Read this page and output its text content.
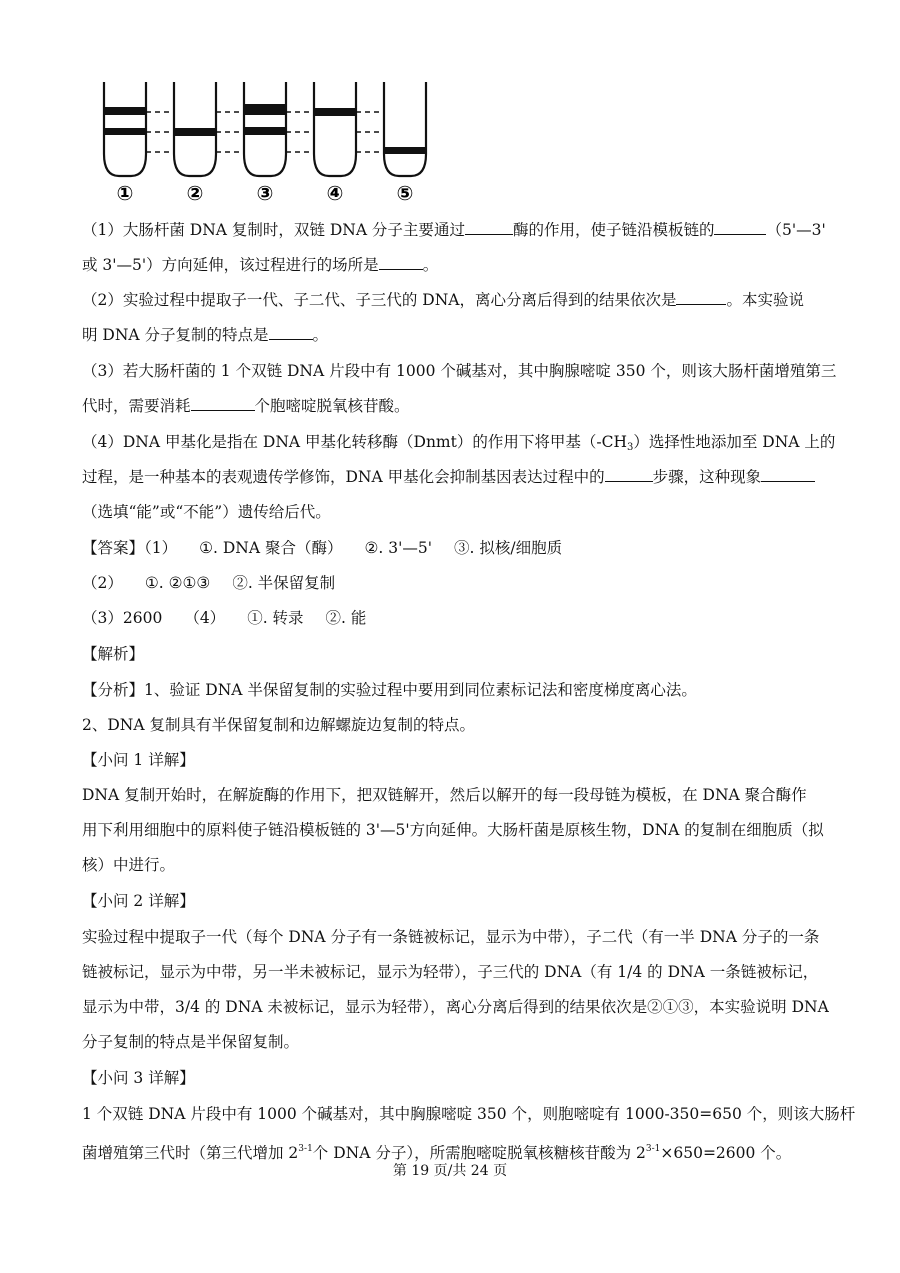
①	②	③	④	⑤
（1）大肠杆菌 DNA 复制时，双链 DNA 分子主要通过	酶的作用，使子链沿模板链的	（5'—3'
或 3'—5'）方向延伸，该过程进行的场所是	。
（2）实验过程中提取子一代、子二代、子三代的 DNA，离心分离后得到的结果依次是	。本实验说
明 DNA 分子复制的特点是	。
（3）若大肠杆菌的 1 个双链 DNA 片段中有 1000 个碱基对，其中胸腺嘧啶 350 个，则该大肠杆菌增殖第三
代时，需要消耗	个胞嘧啶脱氧核苷酸。
（4）DNA 甲基化是指在 DNA 甲基化转移酶（Dnmt）的作用下将甲基$(-CH_3)$选择性地添加至 DNA 上的
过程，是一种基本的表观遗传学修饰，DNA 甲基化会抑制基因表达过程中的	步骤，这种现象
（选填“能”或“不能”）遗传给后代。
【答案】（1） ①. DNA 聚合（酶） ②. 3'—5' ③. 拟核/细胞质
（2） ①. ②①③ ②. 半保留复制
（3）2600 （4） ①. 转录 ②. 能
【解析】
【分析】1、验证 DNA 半保留复制的实验过程中要用到同位素标记法和密度梯度离心法。
2、DNA 复制具有半保留复制和边解螺旋边复制的特点。
【小问 1 详解】
DNA 复制开始时，在解旋酶的作用下，把双链解开，然后以解开的每一段母链为模板，在 DNA 聚合酶作
用下利用细胞中的原料使子链沿模板链的 3'—5'方向延伸。大肠杆菌是原核生物，DNA 的复制在细胞质（拟
核）中进行。
【小问 2 详解】
实验过程中提取子一代（每个 DNA 分子有一条链被标记，显示为中带），子二代（有一半 DNA 分子的一条
链被标记，显示为中带，另一半未被标记，显示为轻带），子三代的 DNA（有 1/4 的 DNA 一条链被标记，
显示为中带，3/4 的 DNA 未被标记，显示为轻带），离心分离后得到的结果依次是②①③，本实验说明 DNA
分子复制的特点是半保留复制。
【小问 3 详解】
1 个双链 DNA 片段中有 1000 个碱基对，其中胸腺嘧啶 350 个，则胞嘧啶有 1000-350=650 个，则该大肠杆
菌增殖第三代时（第三代增加 2$^{3-1}$个 DNA 分子），所需胞嘧啶脱氧核糖核苷酸为 $2^{3-1}\times 650=2600$ 个。
第 19 页/共 24 页
